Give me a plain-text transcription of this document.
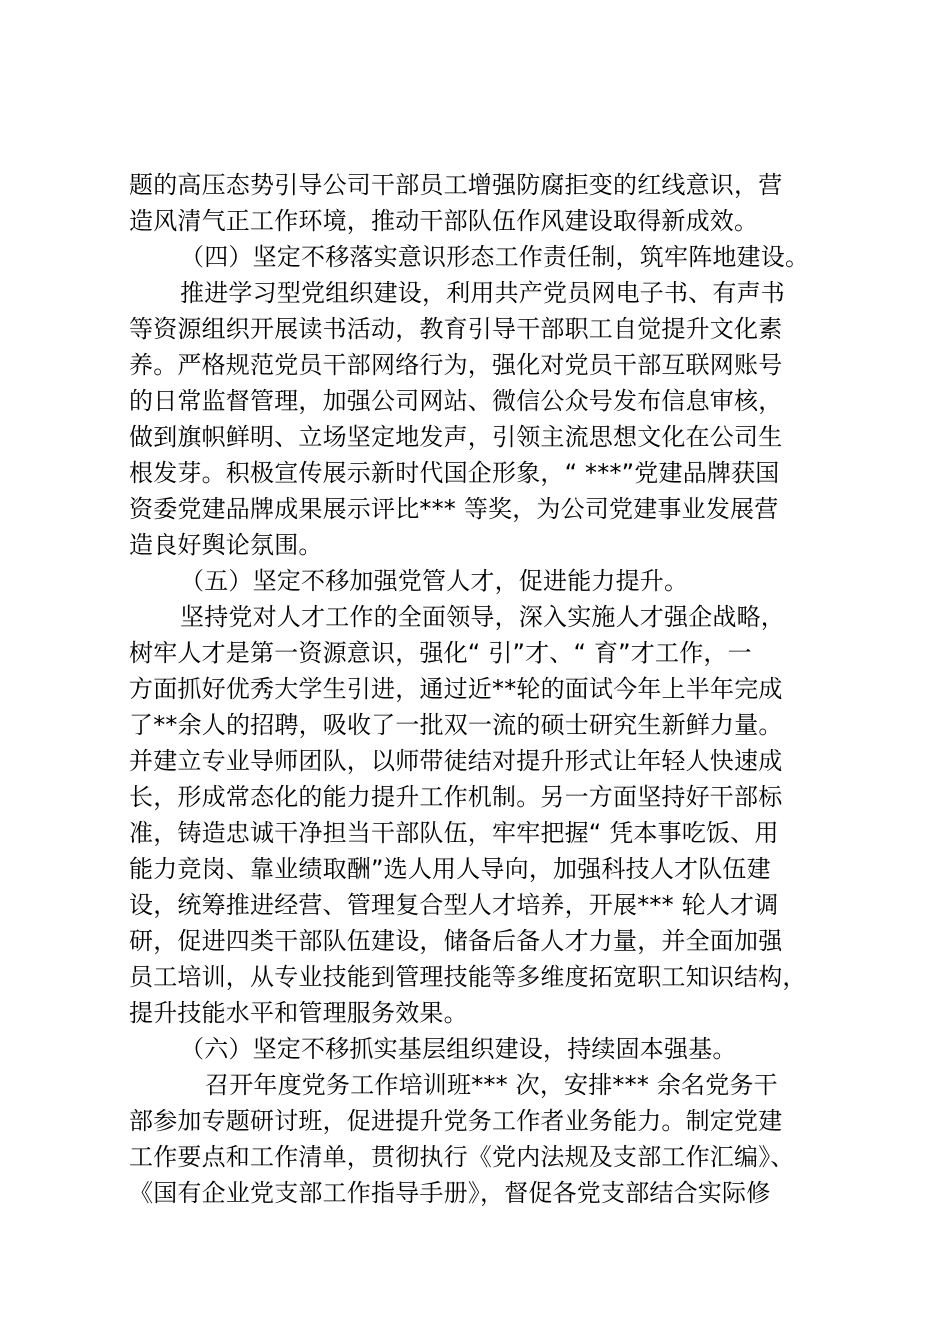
题的高压态势引导公司干部员工增强防腐拒变的红线意识，营
造风清气正工作环境，推动干部队伍作风建设取得新成效。
（四）坚定不移落实意识形态工作责任制，筑牢阵地建设。
推进学习型党组织建设，利用共产党员网电子书、有声书
等资源组织开展读书活动，教育引导干部职工自觉提升文化素
养。严格规范党员干部网络行为，强化对党员干部互联网账号
的日常监督管理，加强公司网站、微信公众号发布信息审核，
做到旗帜鲜明、立场坚定地发声，引领主流思想文化在公司生
根发芽。积极宣传展示新时代国企形象，“ ***”党建品牌获国
资委党建品牌成果展示评比*** 等奖，为公司党建事业发展营
造良好舆论氛围。
（五）坚定不移加强党管人才，促进能力提升。
坚持党对人才工作的全面领导，深入实施人才强企战略，
树牢人才是第一资源意识，强化“ 引”才、“ 育”才工作，一
方面抓好优秀大学生引进，通过近**轮的面试今年上半年完成
了**余人的招聘，吸收了一批双一流的硕士研究生新鲜力量。
并建立专业导师团队，以师带徒结对提升形式让年轻人快速成
长，形成常态化的能力提升工作机制。另一方面坚持好干部标
准，铸造忠诚干净担当干部队伍，牢牢把握“ 凭本事吃饭、用
能力竞岗、靠业绩取酬”选人用人导向，加强科技人才队伍建
设，统筹推进经营、管理复合型人才培养，开展*** 轮人才调
研，促进四类干部队伍建设，储备后备人才力量，并全面加强
员工培训，从专业技能到管理技能等多维度拓宽职工知识结构，
提升技能水平和管理服务效果。
（六）坚定不移抓实基层组织建设，持续固本强基。
召开年度党务工作培训班*** 次，安排*** 余名党务干
部参加专题研讨班，促进提升党务工作者业务能力。制定党建
工作要点和工作清单，贯彻执行《党内法规及支部工作汇编》、
《国有企业党支部工作指导手册》，督促各党支部结合实际修
